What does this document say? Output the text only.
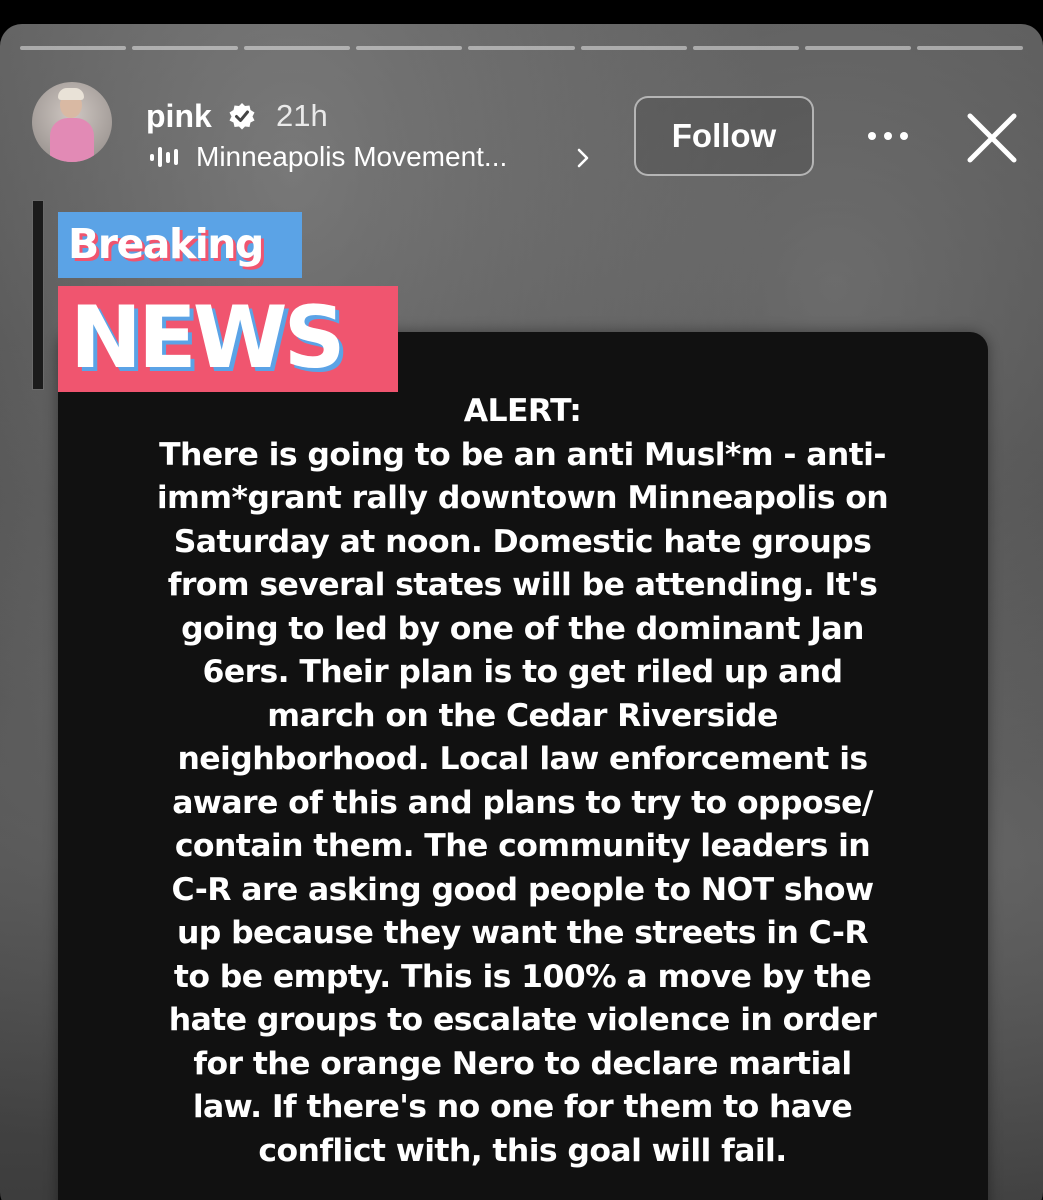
pink 21h
Minneapolis Movement...
Follow
ALERT:
There is going to be an anti Musl*m - anti-
imm*grant rally downtown Minneapolis on
Saturday at noon. Domestic hate groups
from several states will be attending. It's
going to led by one of the dominant Jan
6ers. Their plan is to get riled up and
march on the Cedar Riverside
neighborhood. Local law enforcement is
aware of this and plans to try to oppose/
contain them. The community leaders in
C-R are asking good people to NOT show
up because they want the streets in C-R
to be empty. This is 100% a move by the
hate groups to escalate violence in order
for the orange Nero to declare martial
law. If there's no one for them to have
conflict with, this goal will fail.
Breaking
NEWS
